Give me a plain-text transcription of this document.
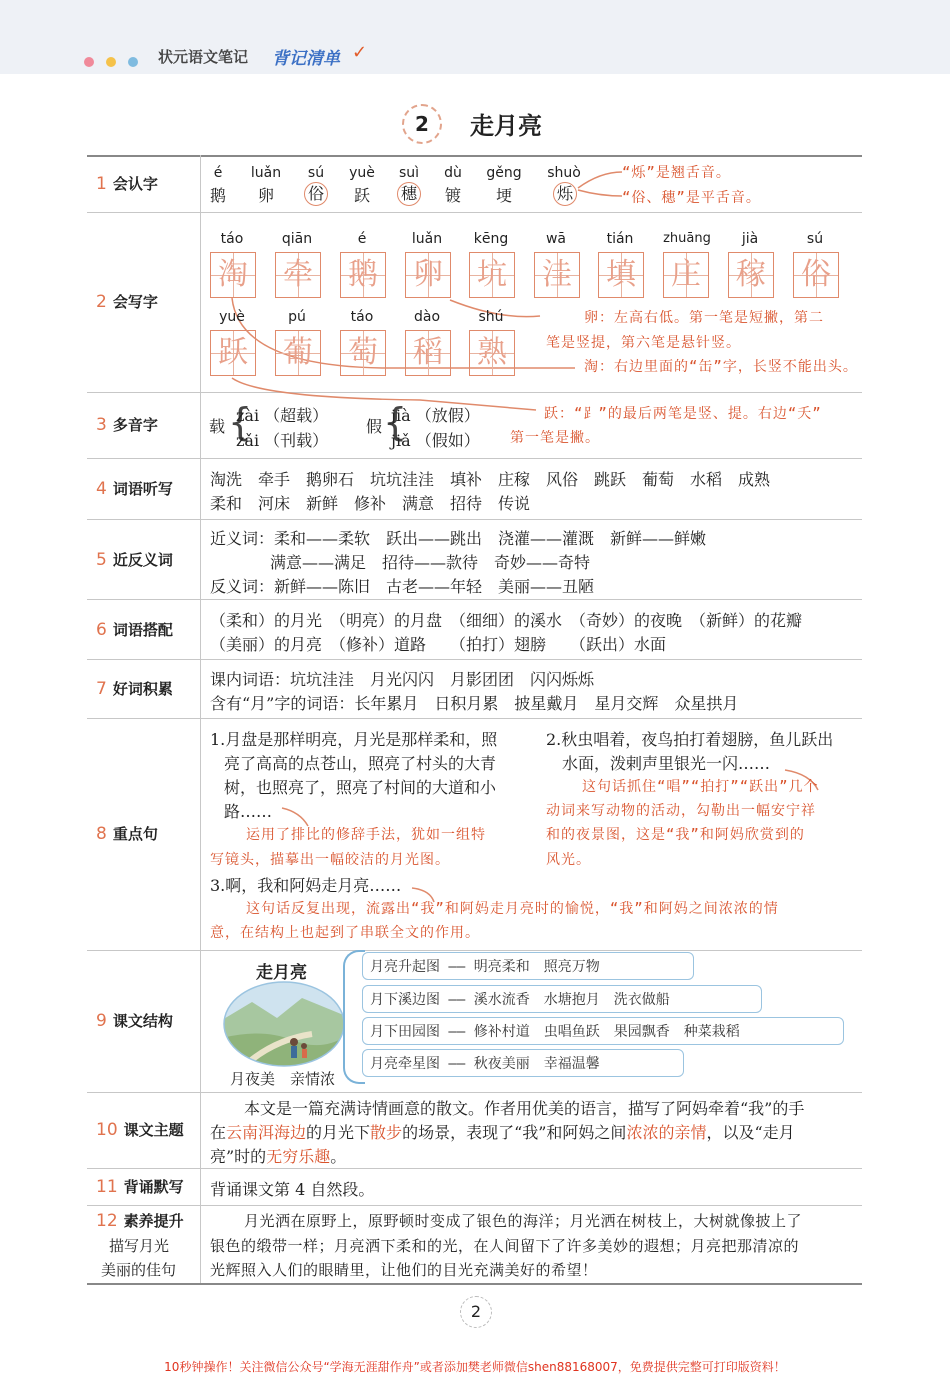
状元语文笔记 背记清单 ✓
2	走月亮
1 会认字
2 会写字
3 多音字
4 词语听写
5 近反义词
6 词语搭配
7 好词积累
8 重点句
9 课文结构
10 课文主题
11 背诵默写
12 素养提升
描写月光
美丽的佳句
é
鹅
luǎn
卵
sú
俗
yuè
跃
suì
穗
dù
镀
gěng
埂
shuò
烁
“烁”是翘舌音。
“俗、穗”是平舌音。
táo
淘
qiān
牵
é
鹅
luǎn
卵
kēng
坑
wā
洼
tián
填
zhuāng
庄
jià
稼
sú
俗
yuè
跃
pú
葡
táo
萄
dào
稻
shú
熟
卵：左高右低。第一笔是短撇，第二
笔是竖提，第六笔是悬针竖。
淘：右边里面的“缶”字，长竖不能出头。
跃：“⻊”的最后两笔是竖、提。右边“夭”
第一笔是撇。
载 {
zài （超载）
zǎi （刊载）
假 {
jià （放假）
jiǎ （假如）
淘洗　牵手　鹅卵石　坑坑洼洼　填补　庄稼　风俗　跳跃　葡萄　水稻　成熟
柔和　河床　新鲜　修补　满意　招待　传说
近义词：柔和——柔软　跃出——跳出　浇灌——灌溉　新鲜——鲜嫩
满意——满足　招待——款待　奇妙——奇特
反义词：新鲜——陈旧　古老——年轻　美丽——丑陋
（柔和）的月光　（明亮）的月盘　（细细）的溪水　（奇妙）的夜晚　（新鲜）的花瓣
（美丽）的月亮　（修补）道路　　（拍打）翅膀　　（跃出）水面
课内词语：坑坑洼洼　月光闪闪　月影团团　闪闪烁烁
含有“月”字的词语：长年累月　日积月累　披星戴月　星月交辉　众星拱月
1.月盘是那样明亮，月光是那样柔和，照
亮了高高的点苍山，照亮了村头的大青
树，也照亮了，照亮了村间的大道和小
路……
运用了排比的修辞手法，犹如一组特
写镜头，描摹出一幅皎洁的月光图。
2.秋虫唱着，夜鸟拍打着翅膀，鱼儿跃出
水面，泼剌声里银光一闪……
这句话抓住“唱”“拍打”“跃出”几个
动词来写动物的活动，勾勒出一幅安宁祥
和的夜景图，这是“我”和阿妈欣赏到的
风光。
3.啊，我和阿妈走月亮……
这句话反复出现，流露出“我”和阿妈走月亮时的愉悦，“我”和阿妈之间浓浓的情
意，在结构上也起到了串联全文的作用。
走月亮
月夜美　亲情浓
月亮升起图 —— 明亮柔和　照亮万物
月下溪边图 —— 溪水流香　水塘抱月　洗衣做船
月下田园图 —— 修补村道　虫唱鱼跃　果园飘香　种菜栽稻
月亮牵星图 —— 秋夜美丽　幸福温馨
本文是一篇充满诗情画意的散文。作者用优美的语言，描写了阿妈牵着“我”的手
在云南洱海边的月光下散步的场景，表现了“我”和阿妈之间浓浓的亲情，以及“走月
亮”时的无穷乐趣。
背诵课文第 4 自然段。
月光洒在原野上，原野顿时变成了银色的海洋；月光洒在树枝上，大树就像披上了
银色的缎带一样；月亮洒下柔和的光，在人间留下了许多美妙的遐想；月亮把那清凉的
光辉照入人们的眼睛里，让他们的目光充满美好的希望！
2
10秒钟操作！关注微信公众号“学海无涯甜作舟”或者添加樊老师微信shen88168007，免费提供完整可打印版资料！
